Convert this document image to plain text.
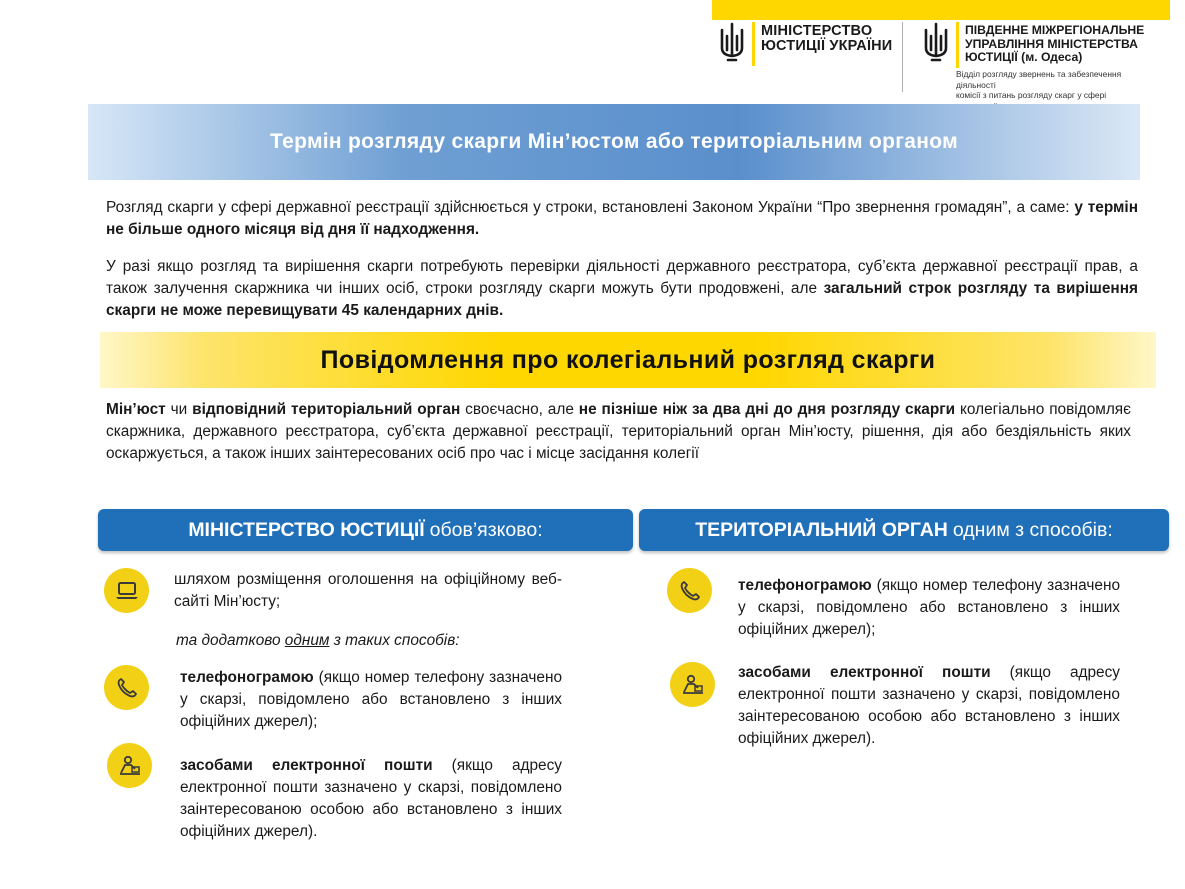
МІНІСТЕРСТВО
ЮСТИЦІЇ УКРАЇНИ
ПІВДЕННЕ МІЖРЕГІОНАЛЬНЕ
УПРАВЛІННЯ МІНІСТЕРСТВА
ЮСТИЦІЇ (м. Одеса)
Відділ розгляду звернень та забезпечення діяльності
комісії з питань розгляду скарг у сфері
Термін розгляду скарги Мін’юстом або територіальним органом
Розгляд скарги у сфері державної реєстрації здійснюється у строки, встановлені Законом України “Про звернення громадян”, а саме: у термін не більше одного місяця від дня її надходження.
У разі якщо розгляд та вирішення скарги потребують перевірки діяльності державного реєстратора, суб’єкта державної реєстрації прав, а також залучення скаржника чи інших осіб, строки розгляду скарги можуть бути продовжені, але загальний строк розгляду та вирішення скарги не може перевищувати 45 календарних днів.
Повідомлення про колегіальний розгляд скарги
Мін’юст чи відповідний територіальний орган своєчасно, але не пізніше ніж за два дні до дня розгляду скарги колегіально повідомляє скаржника, державного реєстратора, суб’єкта державної реєстрації, територіальний орган Мін’юсту, рішення, дія або бездіяльність яких оскаржується, а також інших заінтересованих осіб про час і місце засідання колегії
МІНІСТЕРСТВО ЮСТИЦІЇ обов’язково:	ТЕРИТОРІАЛЬНИЙ ОРГАН одним з способів:
шляхом розміщення оголошення на офіційному веб-сайті Мін’юсту;
та додатково одним з таких способів:
телефонограмою (якщо номер телефону зазначено у скарзі, повідомлено або встановлено з інших офіційних джерел);
засобами електронної пошти (якщо адресу електронної пошти зазначено у скарзі, повідомлено заінтересованою особою або встановлено з інших офіційних джерел).
телефонограмою (якщо номер телефону зазначено у скарзі, повідомлено або встановлено з інших офіційних джерел);
засобами електронної пошти (якщо адресу електронної пошти зазначено у скарзі, повідомлено заінтересованою особою або встановлено з інших офіційних джерел).
